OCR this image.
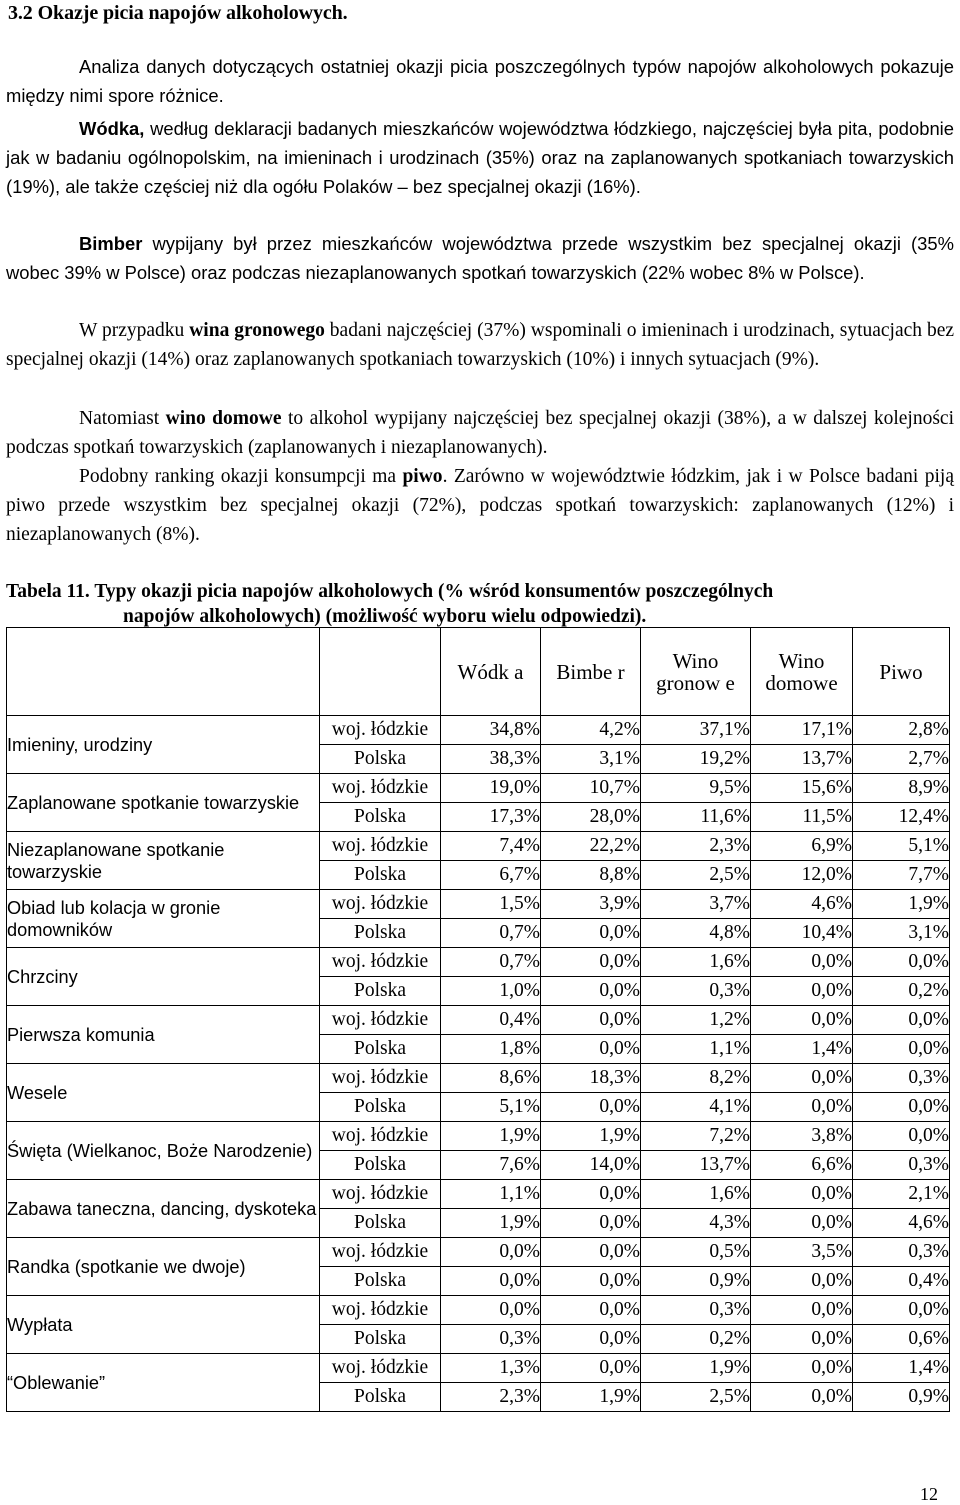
3.2 Okazje picia napojów alkoholowych.

Analiza danych dotyczących ostatniej okazji picia poszczególnych typów napojów alkoholowych pokazuje między nimi spore różnice.

Wódka, według deklaracji badanych mieszkańców województwa łódzkiego, najczęściej była pita, podobnie jak w badaniu ogólnopolskim, na imieninach i urodzinach (35%) oraz na zaplanowanych spotkaniach towarzyskich (19%), ale także częściej niż dla ogółu Polaków – bez specjalnej okazji (16%).

Bimber wypijany był przez mieszkańców województwa przede wszystkim bez specjalnej okazji (35% wobec 39% w Polsce) oraz podczas niezaplanowanych spotkań towarzyskich (22% wobec 8% w Polsce).

W przypadku wina gronowego badani najczęściej (37%) wspominali o imieninach i urodzinach, sytuacjach bez specjalnej okazji (14%) oraz zaplanowanych spotkaniach towarzyskich (10%) i innych sytuacjach (9%).

Natomiast wino domowe to alkohol wypijany najczęściej bez specjalnej okazji (38%), a w dalszej kolejności podczas spotkań towarzyskich (zaplanowanych i niezaplanowanych).

Podobny ranking okazji konsumpcji ma piwo. Zarówno w województwie łódzkim, jak i w Polsce badani piją piwo przede wszystkim bez specjalnej okazji (72%), podczas spotkań towarzyskich: zaplanowanych (12%) i niezaplanowanych (8%).

Tabela 11. Typy okazji picia napojów alkoholowych (% wśród konsumentów poszczególnych
napojów alkoholowych) (możliwość wyboru wielu odpowiedzi).
		Wódk a	Bimbe r	Wino gronow e	Wino domowe	Piwo
Imieniny, urodziny	woj. łódzkie	34,8%	4,2%	37,1%	17,1%	2,8%
	Polska	38,3%	3,1%	19,2%	13,7%	2,7%
Zaplanowane spotkanie towarzyskie	woj. łódzkie	19,0%	10,7%	9,5%	15,6%	8,9%
	Polska	17,3%	28,0%	11,6%	11,5%	12,4%
Niezaplanowane spotkanie towarzyskie	woj. łódzkie	7,4%	22,2%	2,3%	6,9%	5,1%
	Polska	6,7%	8,8%	2,5%	12,0%	7,7%
Obiad lub kolacja w gronie domowników	woj. łódzkie	1,5%	3,9%	3,7%	4,6%	1,9%
	Polska	0,7%	0,0%	4,8%	10,4%	3,1%
Chrzciny	woj. łódzkie	0,7%	0,0%	1,6%	0,0%	0,0%
	Polska	1,0%	0,0%	0,3%	0,0%	0,2%
Pierwsza komunia	woj. łódzkie	0,4%	0,0%	1,2%	0,0%	0,0%
	Polska	1,8%	0,0%	1,1%	1,4%	0,0%
Wesele	woj. łódzkie	8,6%	18,3%	8,2%	0,0%	0,3%
	Polska	5,1%	0,0%	4,1%	0,0%	0,0%
Święta (Wielkanoc, Boże Narodzenie)	woj. łódzkie	1,9%	1,9%	7,2%	3,8%	0,0%
	Polska	7,6%	14,0%	13,7%	6,6%	0,3%
Zabawa taneczna, dancing, dyskoteka	woj. łódzkie	1,1%	0,0%	1,6%	0,0%	2,1%
	Polska	1,9%	0,0%	4,3%	0,0%	4,6%
Randka (spotkanie we dwoje)	woj. łódzkie	0,0%	0,0%	0,5%	3,5%	0,3%
	Polska	0,0%	0,0%	0,9%	0,0%	0,4%
Wypłata	woj. łódzkie	0,0%	0,0%	0,3%	0,0%	0,0%
	Polska	0,3%	0,0%	0,2%	0,0%	0,6%
“Oblewanie”	woj. łódzkie	1,3%	0,0%	1,9%	0,0%	1,4%
	Polska	2,3%	1,9%	2,5%	0,0%	0,9%
12
